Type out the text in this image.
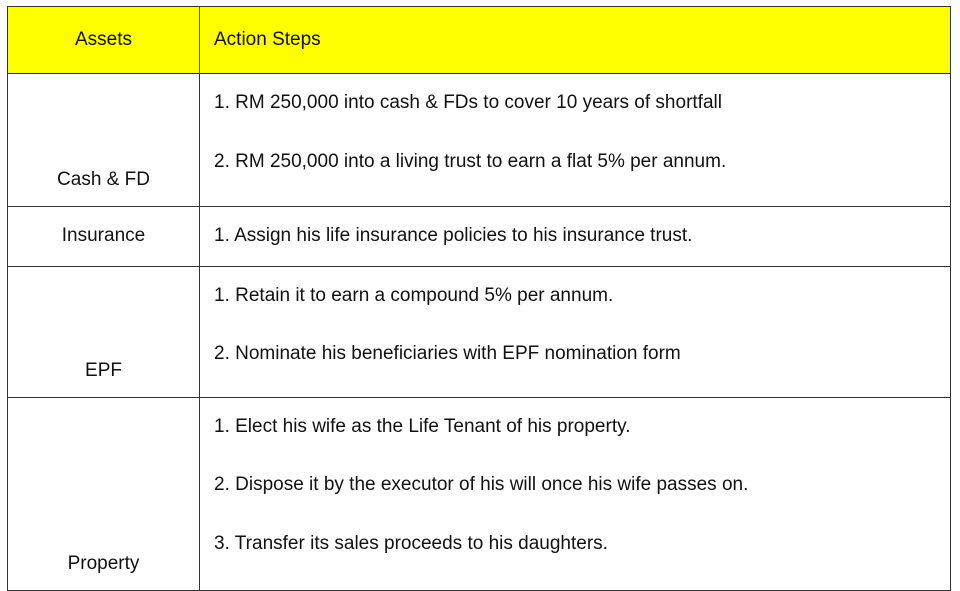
Assets	Action Steps
Cash & FD	1. RM 250,000 into cash & FDs to cover 10 years of shortfall
2. RM 250,000 into a living trust to earn a flat 5% per annum.

Insurance	1. Assign his life insurance policies to his insurance trust.

EPF	1. Retain it to earn a compound 5% per annum.
2. Nominate his beneficiaries with EPF nomination form

Property	1. Elect his wife as the Life Tenant of his property.
2. Dispose it by the executor of his will once his wife passes on.
3. Transfer its sales proceeds to his daughters.
